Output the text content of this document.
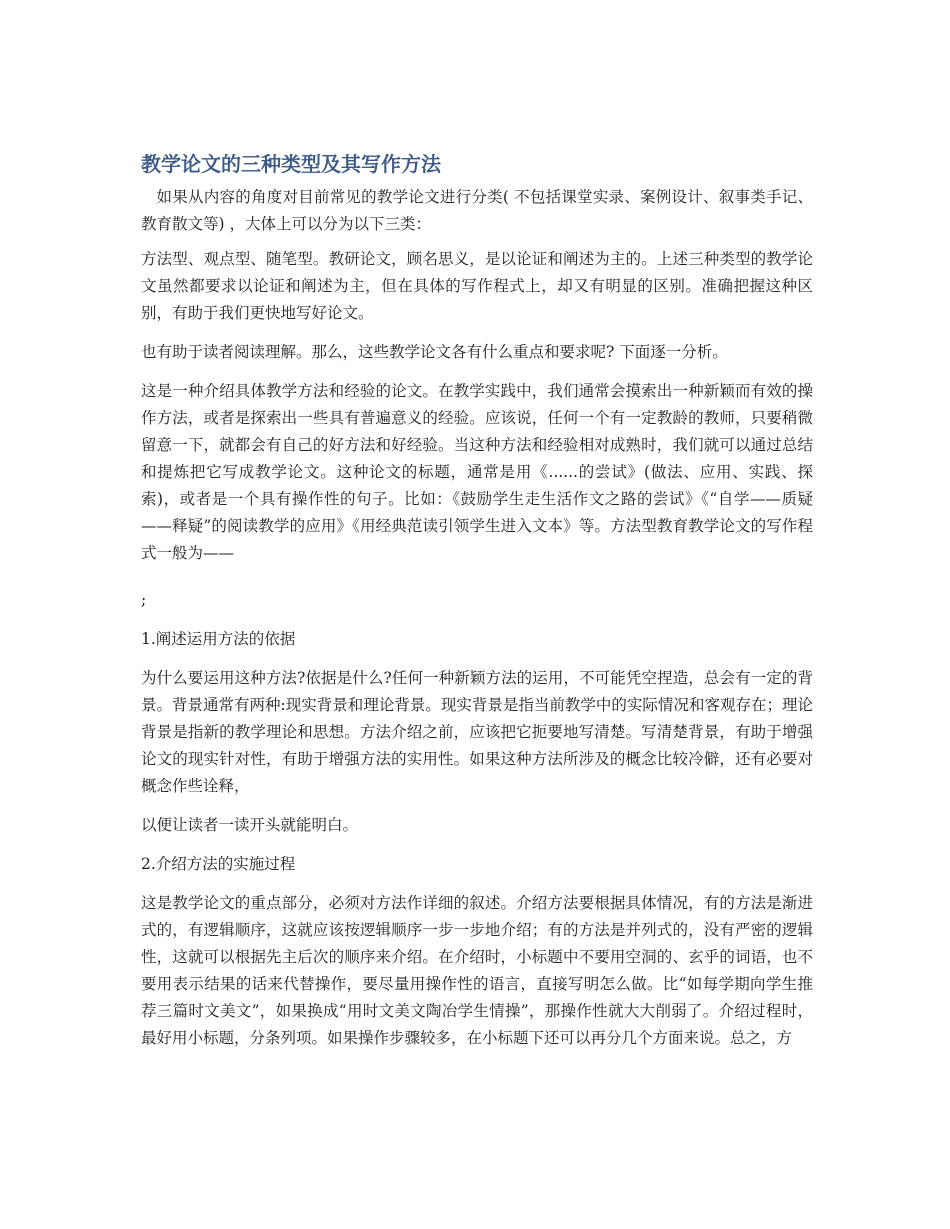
教学论文的三种类型及其写作方法

如果从内容的角度对目前常见的教学论文进行分类( 不包括课堂实录、案例设计、叙事类手记、教育散文等) ，大体上可以分为以下三类：

方法型、观点型、随笔型。教研论文，顾名思义，是以论证和阐述为主的。上述三种类型的教学论文虽然都要求以论证和阐述为主，但在具体的写作程式上，却又有明显的区别。准确把握这种区别，有助于我们更快地写好论文。

也有助于读者阅读理解。那么，这些教学论文各有什么重点和要求呢? 下面逐一分析。

这是一种介绍具体教学方法和经验的论文。在教学实践中，我们通常会摸索出一种新颖而有效的操作方法，或者是探索出一些具有普遍意义的经验。应该说，任何一个有一定教龄的教师，只要稍微留意一下，就都会有自己的好方法和好经验。当这种方法和经验相对成熟时，我们就可以通过总结和提炼把它写成教学论文。这种论文的标题，通常是用《......的尝试》(做法、应用、实践、探索)，或者是一个具有操作性的句子。比如：《鼓励学生走生活作文之路的尝试》《“自学——质疑——释疑”的阅读教学的应用》《用经典范读引领学生进入文本》等。方法型教育教学论文的写作程式一般为——

;

1.阐述运用方法的依据

为什么要运用这种方法?依据是什么?任何一种新颖方法的运用，不可能凭空捏造，总会有一定的背景。背景通常有两种:现实背景和理论背景。现实背景是指当前教学中的实际情况和客观存在；理论背景是指新的教学理论和思想。方法介绍之前，应该把它扼要地写清楚。写清楚背景，有助于增强论文的现实针对性，有助于增强方法的实用性。如果这种方法所涉及的概念比较冷僻，还有必要对概念作些诠释，

以便让读者一读开头就能明白。

2.介绍方法的实施过程

这是教学论文的重点部分，必须对方法作详细的叙述。介绍方法要根据具体情况，有的方法是渐进式的，有逻辑顺序，这就应该按逻辑顺序一步一步地介绍；有的方法是并列式的，没有严密的逻辑性，这就可以根据先主后次的顺序来介绍。在介绍时，小标题中不要用空洞的、玄乎的词语，也不要用表示结果的话来代替操作，要尽量用操作性的语言，直接写明怎么做。比“如每学期向学生推荐三篇时文美文”，如果换成“用时文美文陶冶学生情操”，那操作性就大大削弱了。介绍过程时，最好用小标题，分条列项。如果操作步骤较多，在小标题下还可以再分几个方面来说。总之，方
